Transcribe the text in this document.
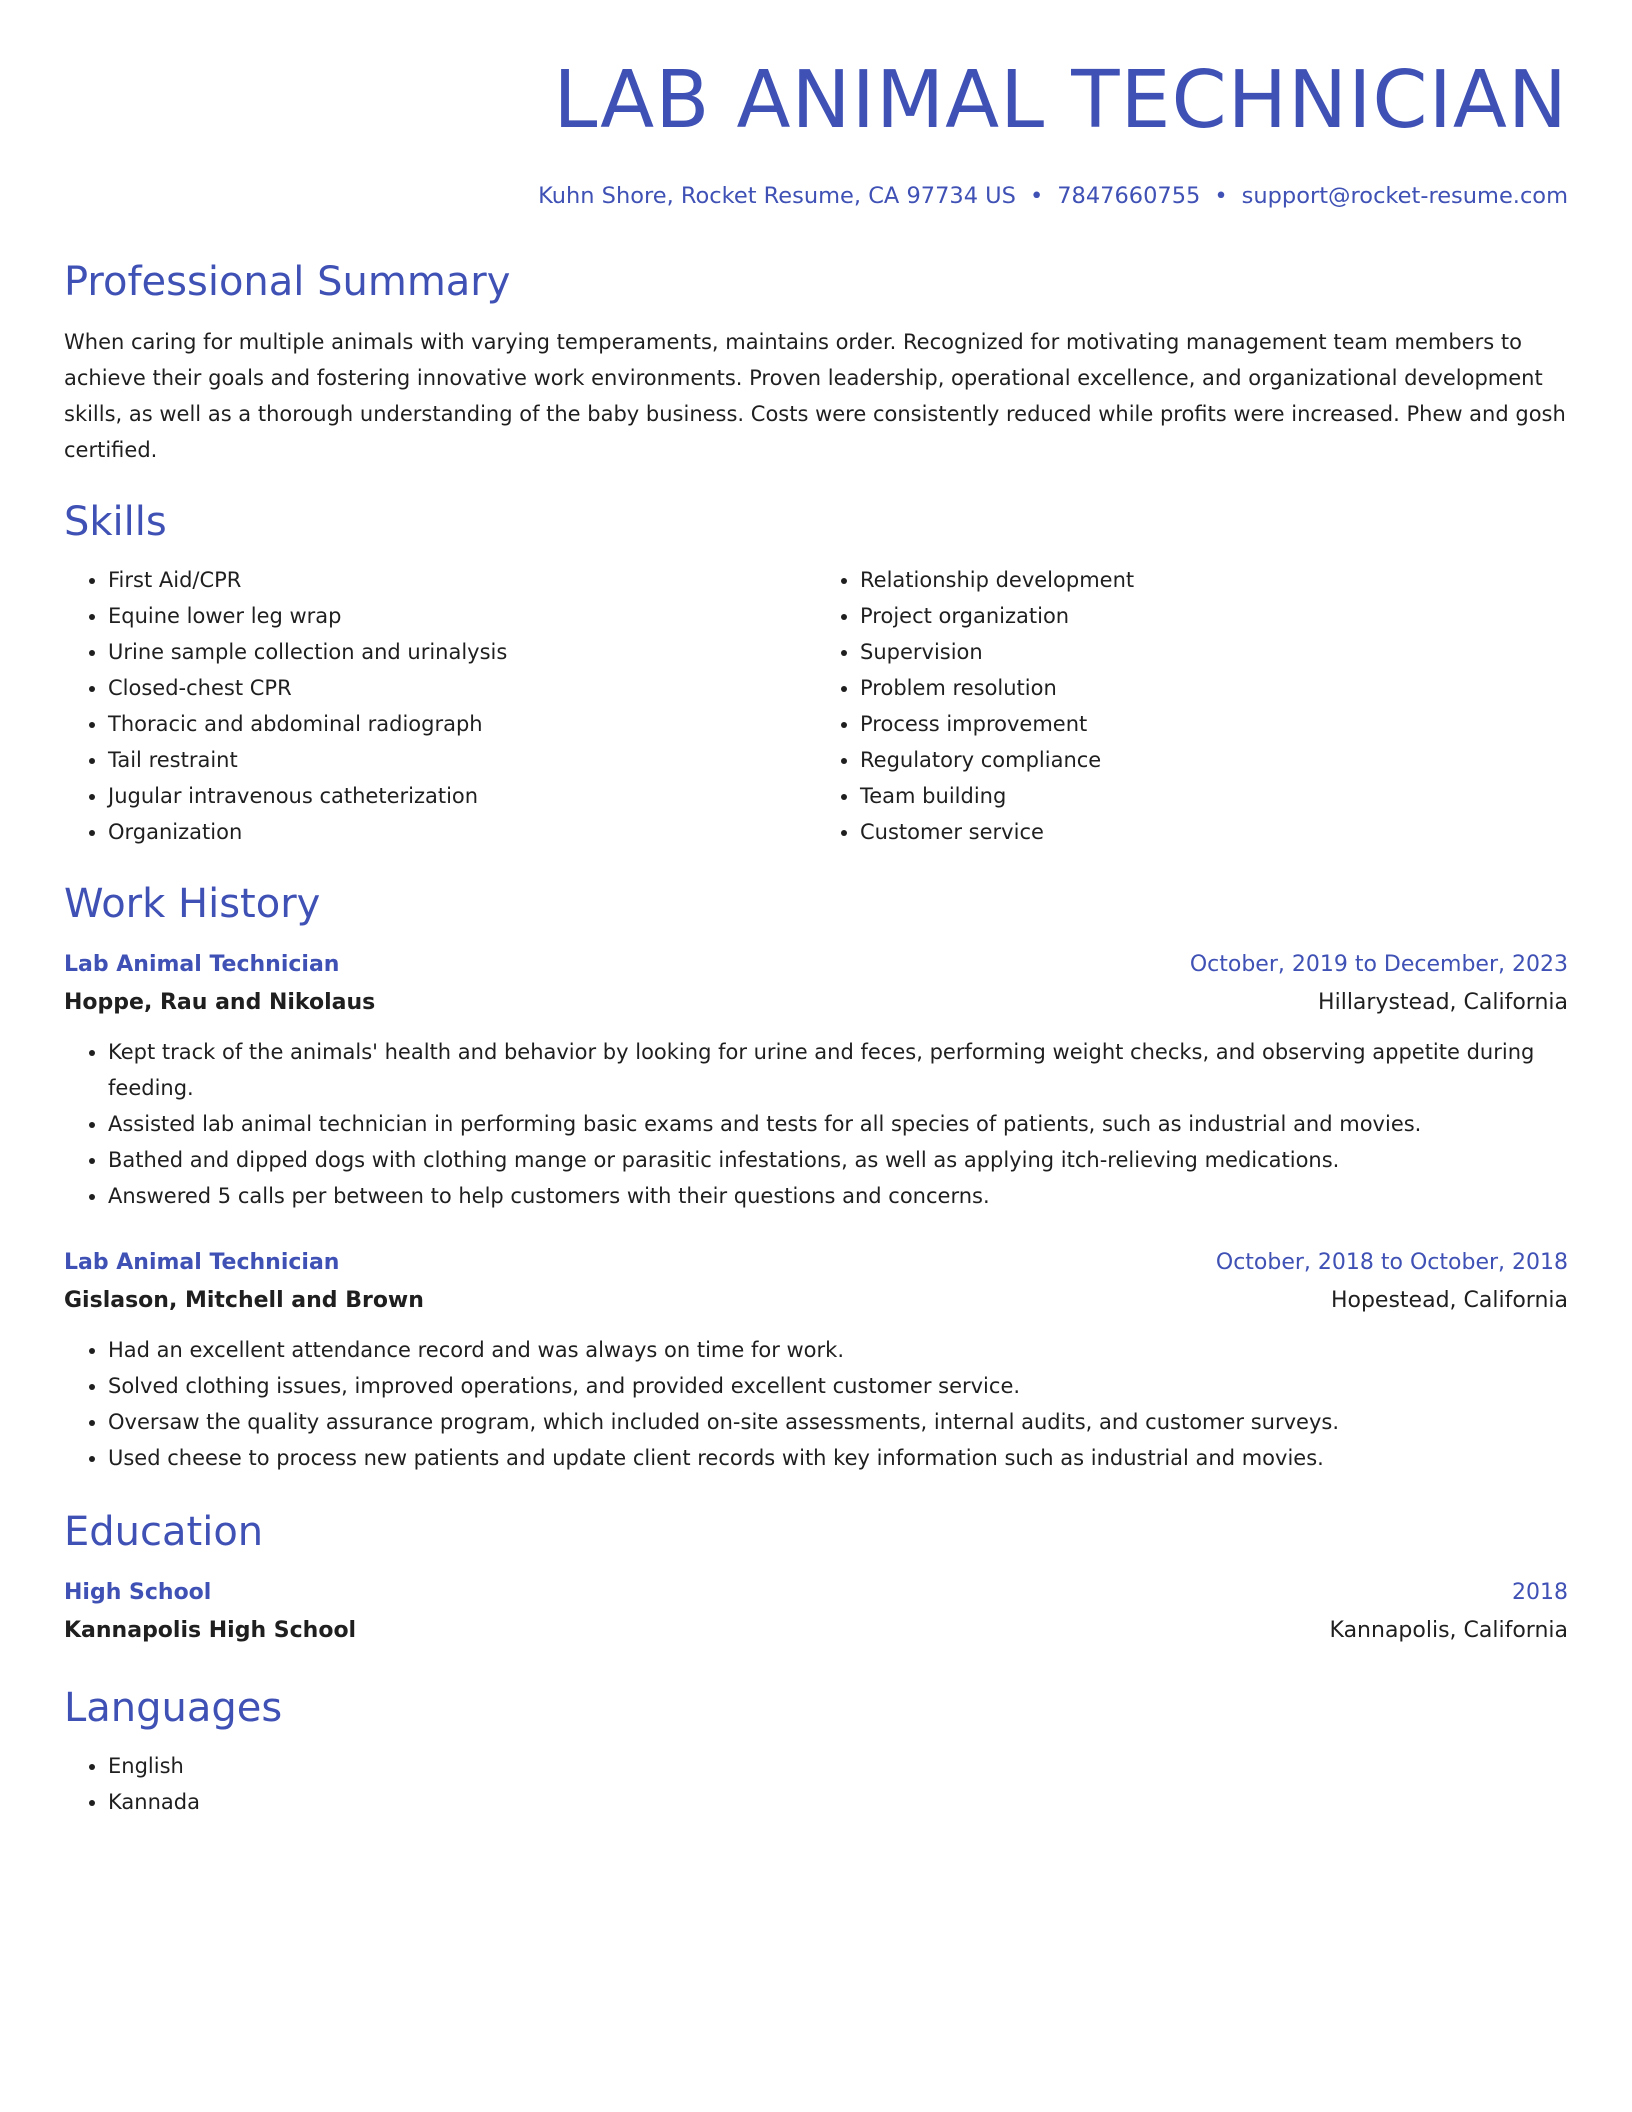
LAB ANIMAL TECHNICIAN
Kuhn Shore, Rocket Resume, CA 97734 US • 7847660755 • support@rocket-resume.com
Professional Summary
When caring for multiple animals with varying temperaments, maintains order. Recognized for motivating management team members to achieve their goals and fostering innovative work environments. Proven leadership, operational excellence, and organizational development skills, as well as a thorough understanding of the baby business. Costs were consistently reduced while profits were increased. Phew and gosh certified.
Skills
• First Aid/CPR
• Equine lower leg wrap
• Urine sample collection and urinalysis
• Closed-chest CPR
• Thoracic and abdominal radiograph
• Tail restraint
• Jugular intravenous catheterization
• Organization
• Relationship development
• Project organization
• Supervision
• Problem resolution
• Process improvement
• Regulatory compliance
• Team building
• Customer service
Work History
Lab Animal Technician	October, 2019 to December, 2023
Hoppe, Rau and Nikolaus	Hillarystead, California
• Kept track of the animals' health and behavior by looking for urine and feces, performing weight checks, and observing appetite during feeding.
• Assisted lab animal technician in performing basic exams and tests for all species of patients, such as industrial and movies.
• Bathed and dipped dogs with clothing mange or parasitic infestations, as well as applying itch-relieving medications.
• Answered 5 calls per between to help customers with their questions and concerns.
Lab Animal Technician	October, 2018 to October, 2018
Gislason, Mitchell and Brown	Hopestead, California
• Had an excellent attendance record and was always on time for work.
• Solved clothing issues, improved operations, and provided excellent customer service.
• Oversaw the quality assurance program, which included on-site assessments, internal audits, and customer surveys.
• Used cheese to process new patients and update client records with key information such as industrial and movies.
Education
High School	2018
Kannapolis High School	Kannapolis, California
Languages
• English
• Kannada
